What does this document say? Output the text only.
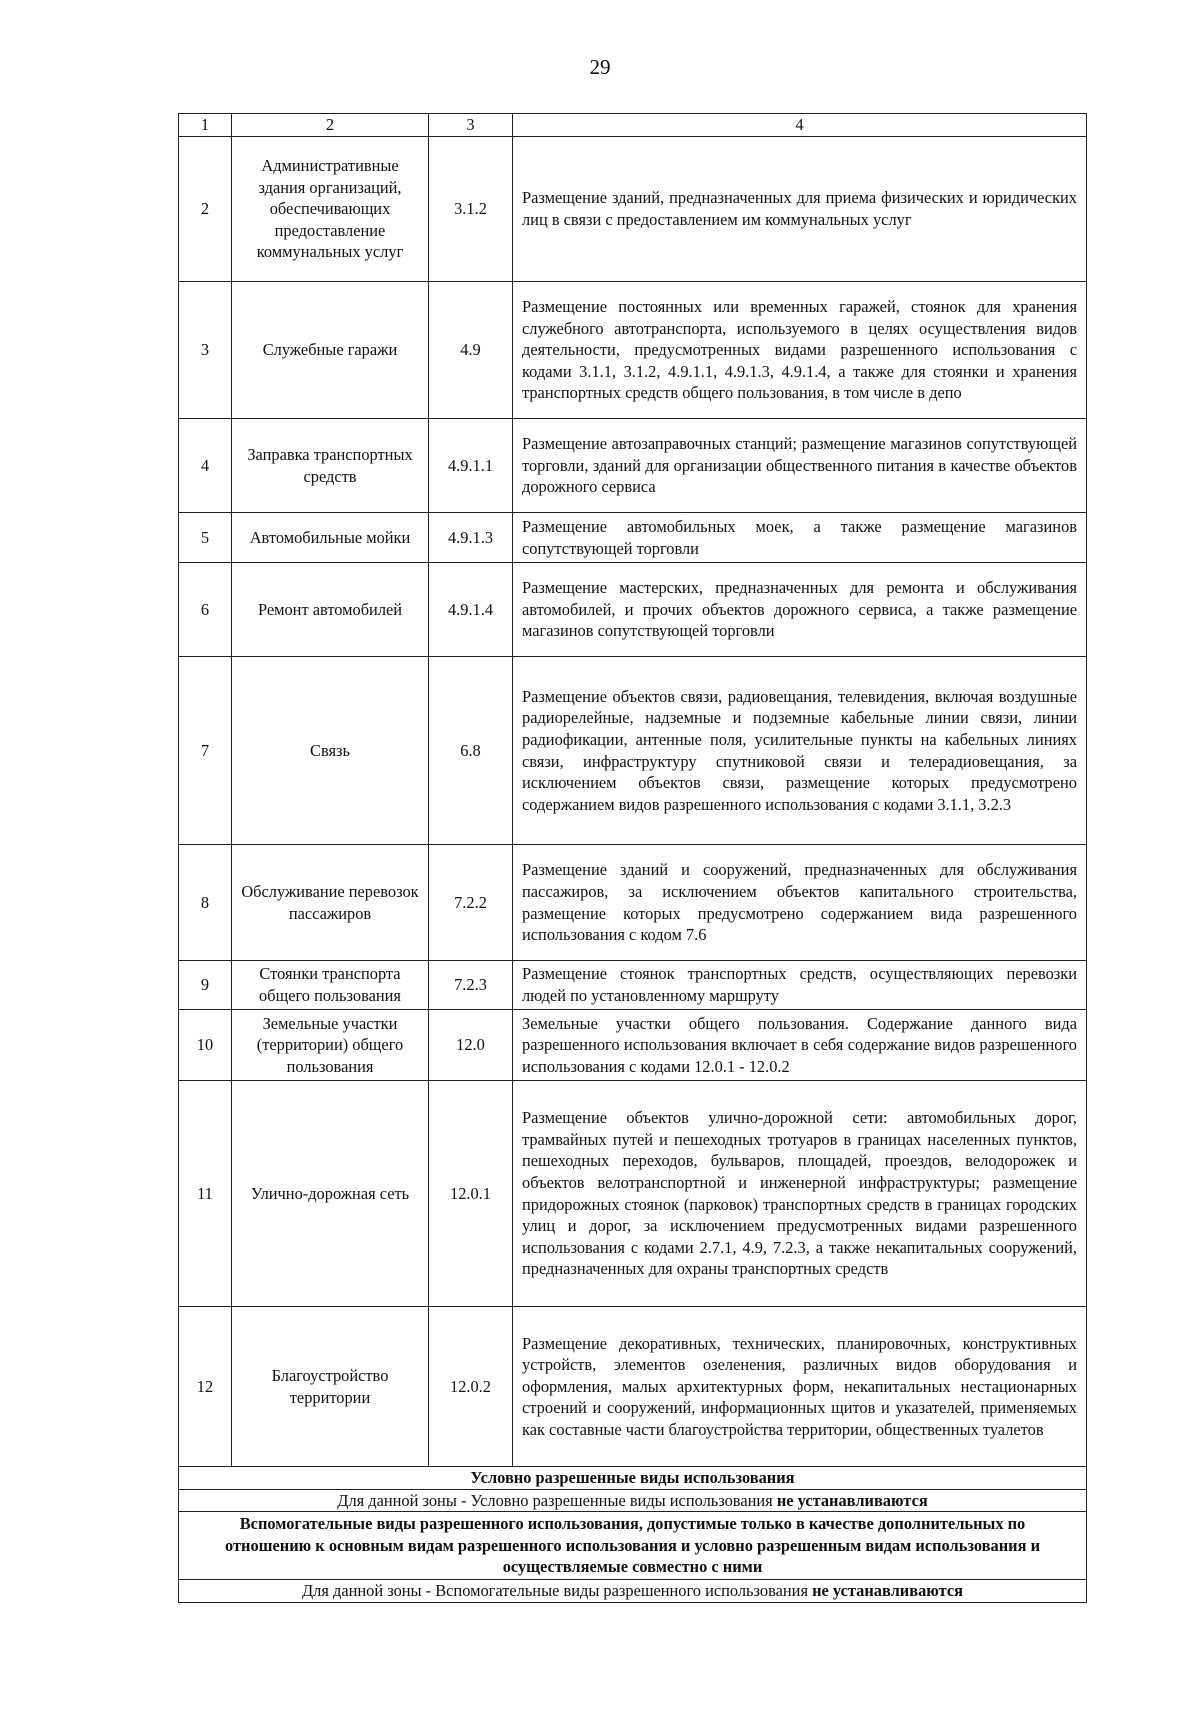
29
1	2	3	4
2	Административные здания организаций, обеспечивающих предоставление коммунальных услуг	3.1.2	Размещение зданий, предназначенных для приема физических и юридических лиц в связи с предоставлением им коммунальных услуг
3	Служебные гаражи	4.9	Размещение постоянных или временных гаражей, стоянок для хранения служебного автотранспорта, используемого в целях осуществления видов деятельности, предусмотренных видами разрешенного использования с кодами 3.1.1, 3.1.2, 4.9.1.1, 4.9.1.3, 4.9.1.4, а также для стоянки и хранения транспортных средств общего пользования, в том числе в депо
4	Заправка транспортных средств	4.9.1.1	Размещение автозаправочных станций; размещение магазинов сопутствующей торговли, зданий для организации общественного питания в качестве объектов дорожного сервиса
5	Автомобильные мойки	4.9.1.3	Размещение автомобильных моек, а также размещение магазинов сопутствующей торговли
6	Ремонт автомобилей	4.9.1.4	Размещение мастерских, предназначенных для ремонта и обслуживания автомобилей, и прочих объектов дорожного сервиса, а также размещение магазинов сопутствующей торговли
7	Связь	6.8	Размещение объектов связи, радиовещания, телевидения, включая воздушные радиорелейные, надземные и подземные кабельные линии связи, линии радиофикации, антенные поля, усилительные пункты на кабельных линиях связи, инфраструктуру спутниковой связи и телерадиовещания, за исключением объектов связи, размещение которых предусмотрено содержанием видов разрешенного использования с кодами 3.1.1, 3.2.3
8	Обслуживание перевозок пассажиров	7.2.2	Размещение зданий и сооружений, предназначенных для обслуживания пассажиров, за исключением объектов капитального строительства, размещение которых предусмотрено содержанием вида разрешенного использования с кодом 7.6
9	Стоянки транспорта общего пользования	7.2.3	Размещение стоянок транспортных средств, осуществляющих перевозки людей по установленному маршруту
10	Земельные участки (территории) общего пользования	12.0	Земельные участки общего пользования. Содержание данного вида разрешенного использования включает в себя содержание видов разрешенного использования с кодами 12.0.1 - 12.0.2
11	Улично-дорожная сеть	12.0.1	Размещение объектов улично-дорожной сети: автомобильных дорог, трамвайных путей и пешеходных тротуаров в границах населенных пунктов, пешеходных переходов, бульваров, площадей, проездов, велодорожек и объектов велотранспортной и инженерной инфраструктуры; размещение придорожных стоянок (парковок) транспортных средств в границах городских улиц и дорог, за исключением предусмотренных видами разрешенного использования с кодами 2.7.1, 4.9, 7.2.3, а также некапитальных сооружений, предназначенных для охраны транспортных средств
12	Благоустройство территории	12.0.2	Размещение декоративных, технических, планировочных, конструктивных устройств, элементов озеленения, различных видов оборудования и оформления, малых архитектурных форм, некапитальных нестационарных строений и сооружений, информационных щитов и указателей, применяемых как составные части благоустройства территории, общественных туалетов
Условно разрешенные виды использования			
Для данной зоны - Условно разрешенные виды использования не устанавливаются			
Вспомогательные виды разрешенного использования, допустимые только в качестве дополнительных по отношению к основным видам разрешенного использования и условно разрешенным видам использования и осуществляемые совместно с ними			
Для данной зоны - Вспомогательные виды разрешенного использования не устанавливаются			
